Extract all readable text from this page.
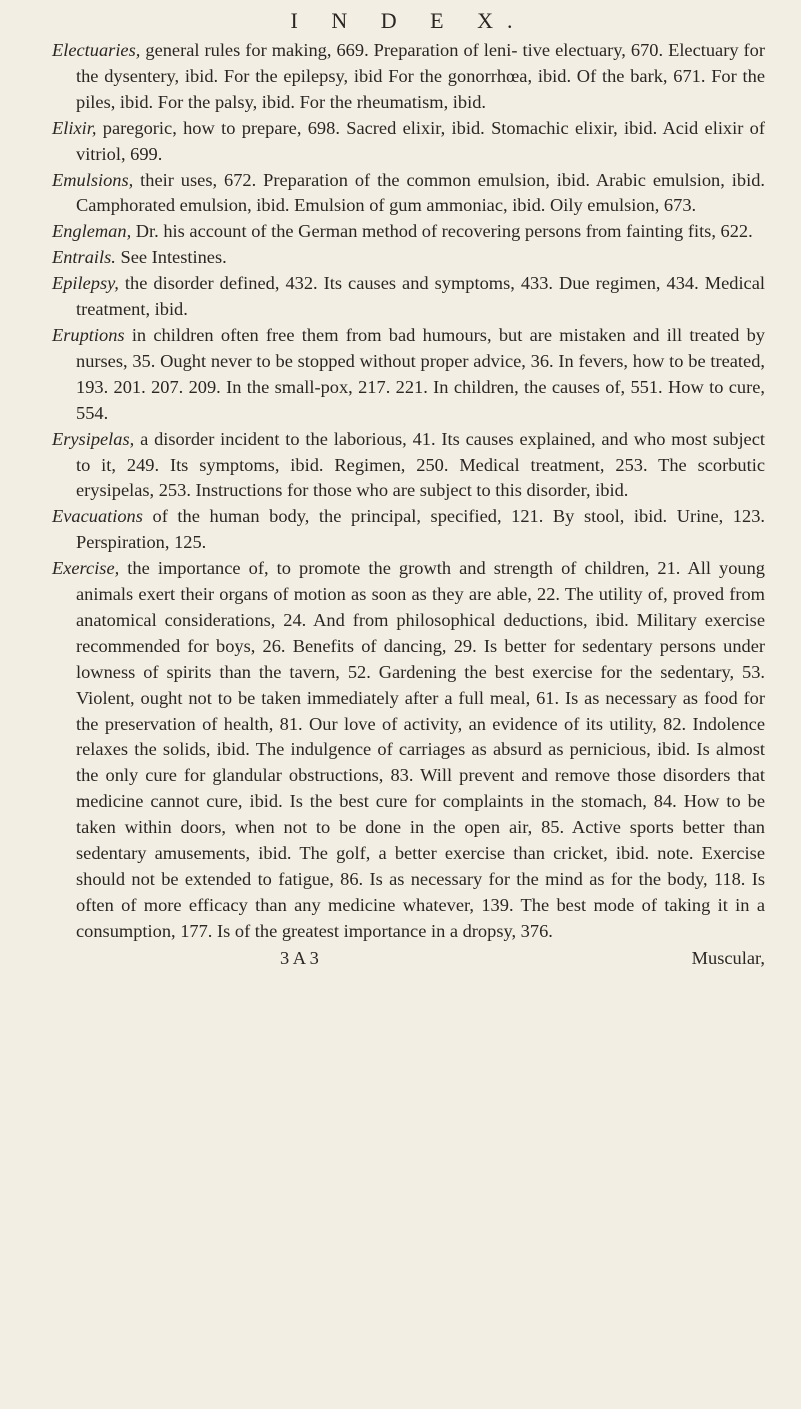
I N D E X.

Electuaries, general rules for making, 669. Preparation of leni- tive electuary, 670. Electuary for the dysentery, ibid. For the epilepsy, ibid For the gonorrhœa, ibid. Of the bark, 671. For the piles, ibid. For the palsy, ibid. For the rheumatism, ibid.

Elixir, paregoric, how to prepare, 698. Sacred elixir, ibid. Stomachic elixir, ibid. Acid elixir of vitriol, 699.

Emulsions, their uses, 672. Preparation of the common emulsion, ibid. Arabic emulsion, ibid. Camphorated emulsion, ibid. Emulsion of gum ammoniac, ibid. Oily emulsion, 673.

Engleman, Dr. his account of the German method of recovering persons from fainting fits, 622.

Entrails. See Intestines.

Epilepsy, the disorder defined, 432. Its causes and symptoms, 433. Due regimen, 434. Medical treatment, ibid.

Eruptions in children often free them from bad humours, but are mistaken and ill treated by nurses, 35. Ought never to be stopped without proper advice, 36. In fevers, how to be treated, 193. 201. 207. 209. In the small-pox, 217. 221. In children, the causes of, 551. How to cure, 554.

Erysipelas, a disorder incident to the laborious, 41. Its causes explained, and who most subject to it, 249. Its symptoms, ibid. Regimen, 250. Medical treatment, 253. The scorbutic erysipelas, 253. Instructions for those who are subject to this disorder, ibid.

Evacuations of the human body, the principal, specified, 121. By stool, ibid. Urine, 123. Perspiration, 125.

Exercise, the importance of, to promote the growth and strength of children, 21. All young animals exert their organs of motion as soon as they are able, 22. The utility of, proved from anatomical considerations, 24. And from philosophical deductions, ibid. Military exercise recommended for boys, 26. Benefits of dancing, 29. Is better for sedentary persons under lowness of spirits than the tavern, 52. Gardening the best exercise for the sedentary, 53. Violent, ought not to be taken immediately after a full meal, 61. Is as necessary as food for the preservation of health, 81. Our love of activity, an evidence of its utility, 82. Indolence relaxes the solids, ibid. The indulgence of carriages as absurd as pernicious, ibid. Is almost the only cure for glandular obstructions, 83. Will prevent and remove those disorders that medicine cannot cure, ibid. Is the best cure for complaints in the stomach, 84. How to be taken within doors, when not to be done in the open air, 85. Active sports better than sedentary amusements, ibid. The golf, a better exercise than cricket, ibid. note. Exercise should not be extended to fatigue, 86. Is as necessary for the mind as for the body, 118. Is often of more efficacy than any medicine whatever, 139. The best mode of taking it in a consumption, 177. Is of the greatest importance in a dropsy, 376.

3 A 3	Muscular,
